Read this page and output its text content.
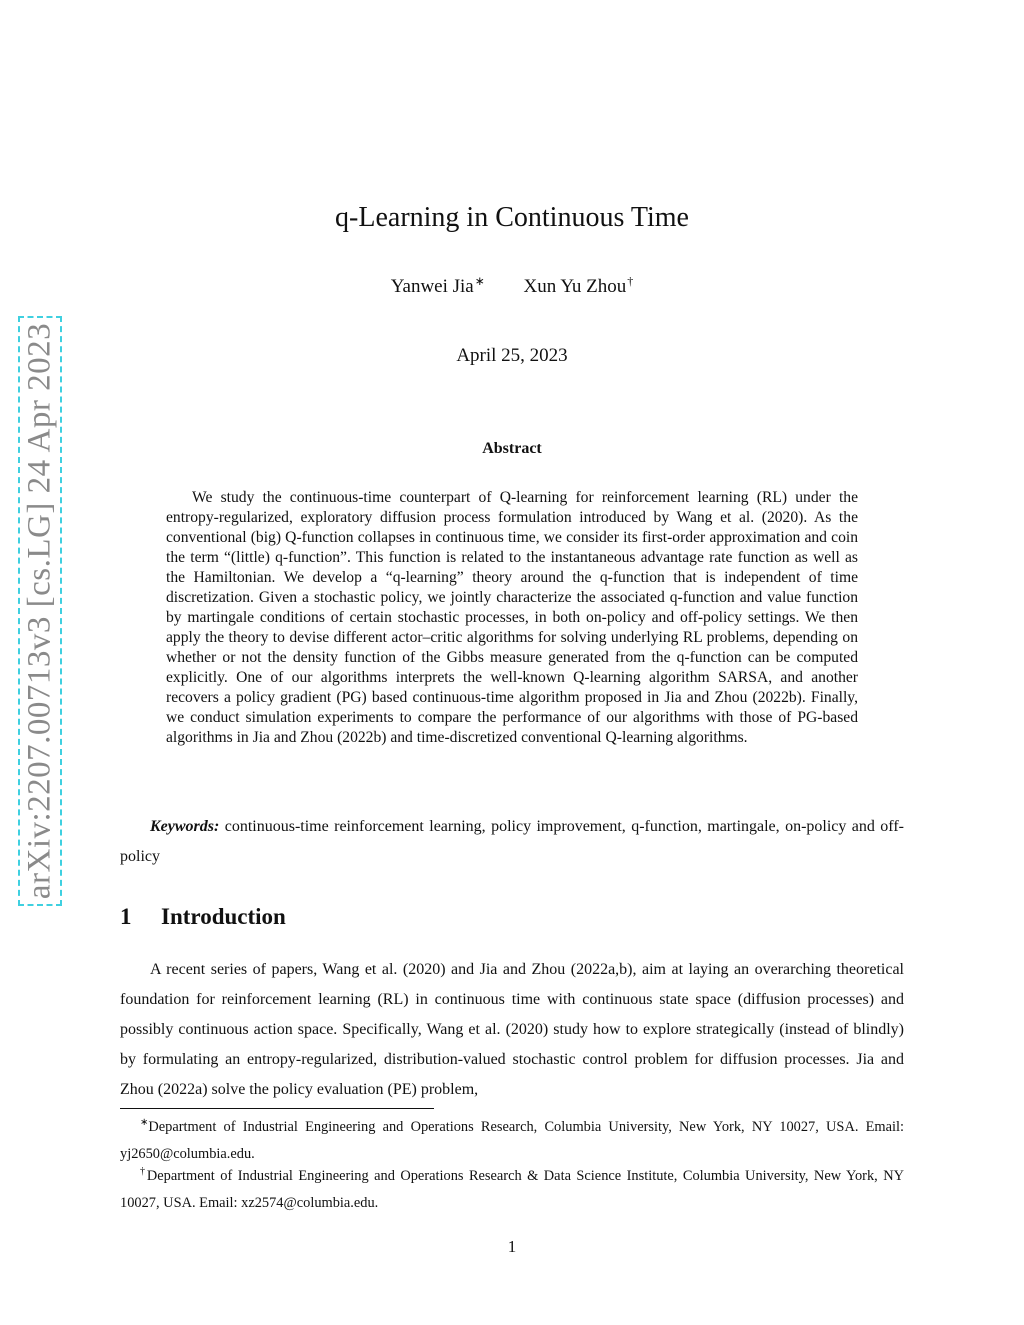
arXiv:2207.00713v3 [cs.LG] 24 Apr 2023
q-Learning in Continuous Time
Yanwei Jia∗ Xun Yu Zhou†
April 25, 2023
Abstract

We study the continuous-time counterpart of Q-learning for reinforcement learning (RL) under the entropy-regularized, exploratory diffusion process formulation introduced by Wang et al. (2020). As the conventional (big) Q-function collapses in continuous time, we consider its first-order approximation and coin the term “(little) q-function”. This function is related to the instantaneous advantage rate function as well as the Hamiltonian. We develop a “q-learning” theory around the q-function that is independent of time discretization. Given a stochastic policy, we jointly characterize the associated q-function and value function by martingale conditions of certain stochastic processes, in both on-policy and off-policy settings. We then apply the theory to devise different actor–critic algorithms for solving underlying RL problems, depending on whether or not the density function of the Gibbs measure generated from the q-function can be computed explicitly. One of our algorithms interprets the well-known Q-learning algorithm SARSA, and another recovers a policy gradient (PG) based continuous-time algorithm proposed in Jia and Zhou (2022b). Finally, we conduct simulation experiments to compare the performance of our algorithms with those of PG-based algorithms in Jia and Zhou (2022b) and time-discretized conventional Q-learning algorithms.

Keywords: continuous-time reinforcement learning, policy improvement, q-function, martingale, on-policy and off-policy

1 Introduction

A recent series of papers, Wang et al. (2020) and Jia and Zhou (2022a,b), aim at laying an overarching theoretical foundation for reinforcement learning (RL) in continuous time with continuous state space (diffusion processes) and possibly continuous action space. Specifically, Wang et al. (2020) study how to explore strategically (instead of blindly) by formulating an entropy-regularized, distribution-valued stochastic control problem for diffusion processes. Jia and Zhou (2022a) solve the policy evaluation (PE) problem,

∗Department of Industrial Engineering and Operations Research, Columbia University, New York, NY 10027, USA. Email: yj2650@columbia.edu.

†Department of Industrial Engineering and Operations Research & Data Science Institute, Columbia University, New York, NY 10027, USA. Email: xz2574@columbia.edu.

1
